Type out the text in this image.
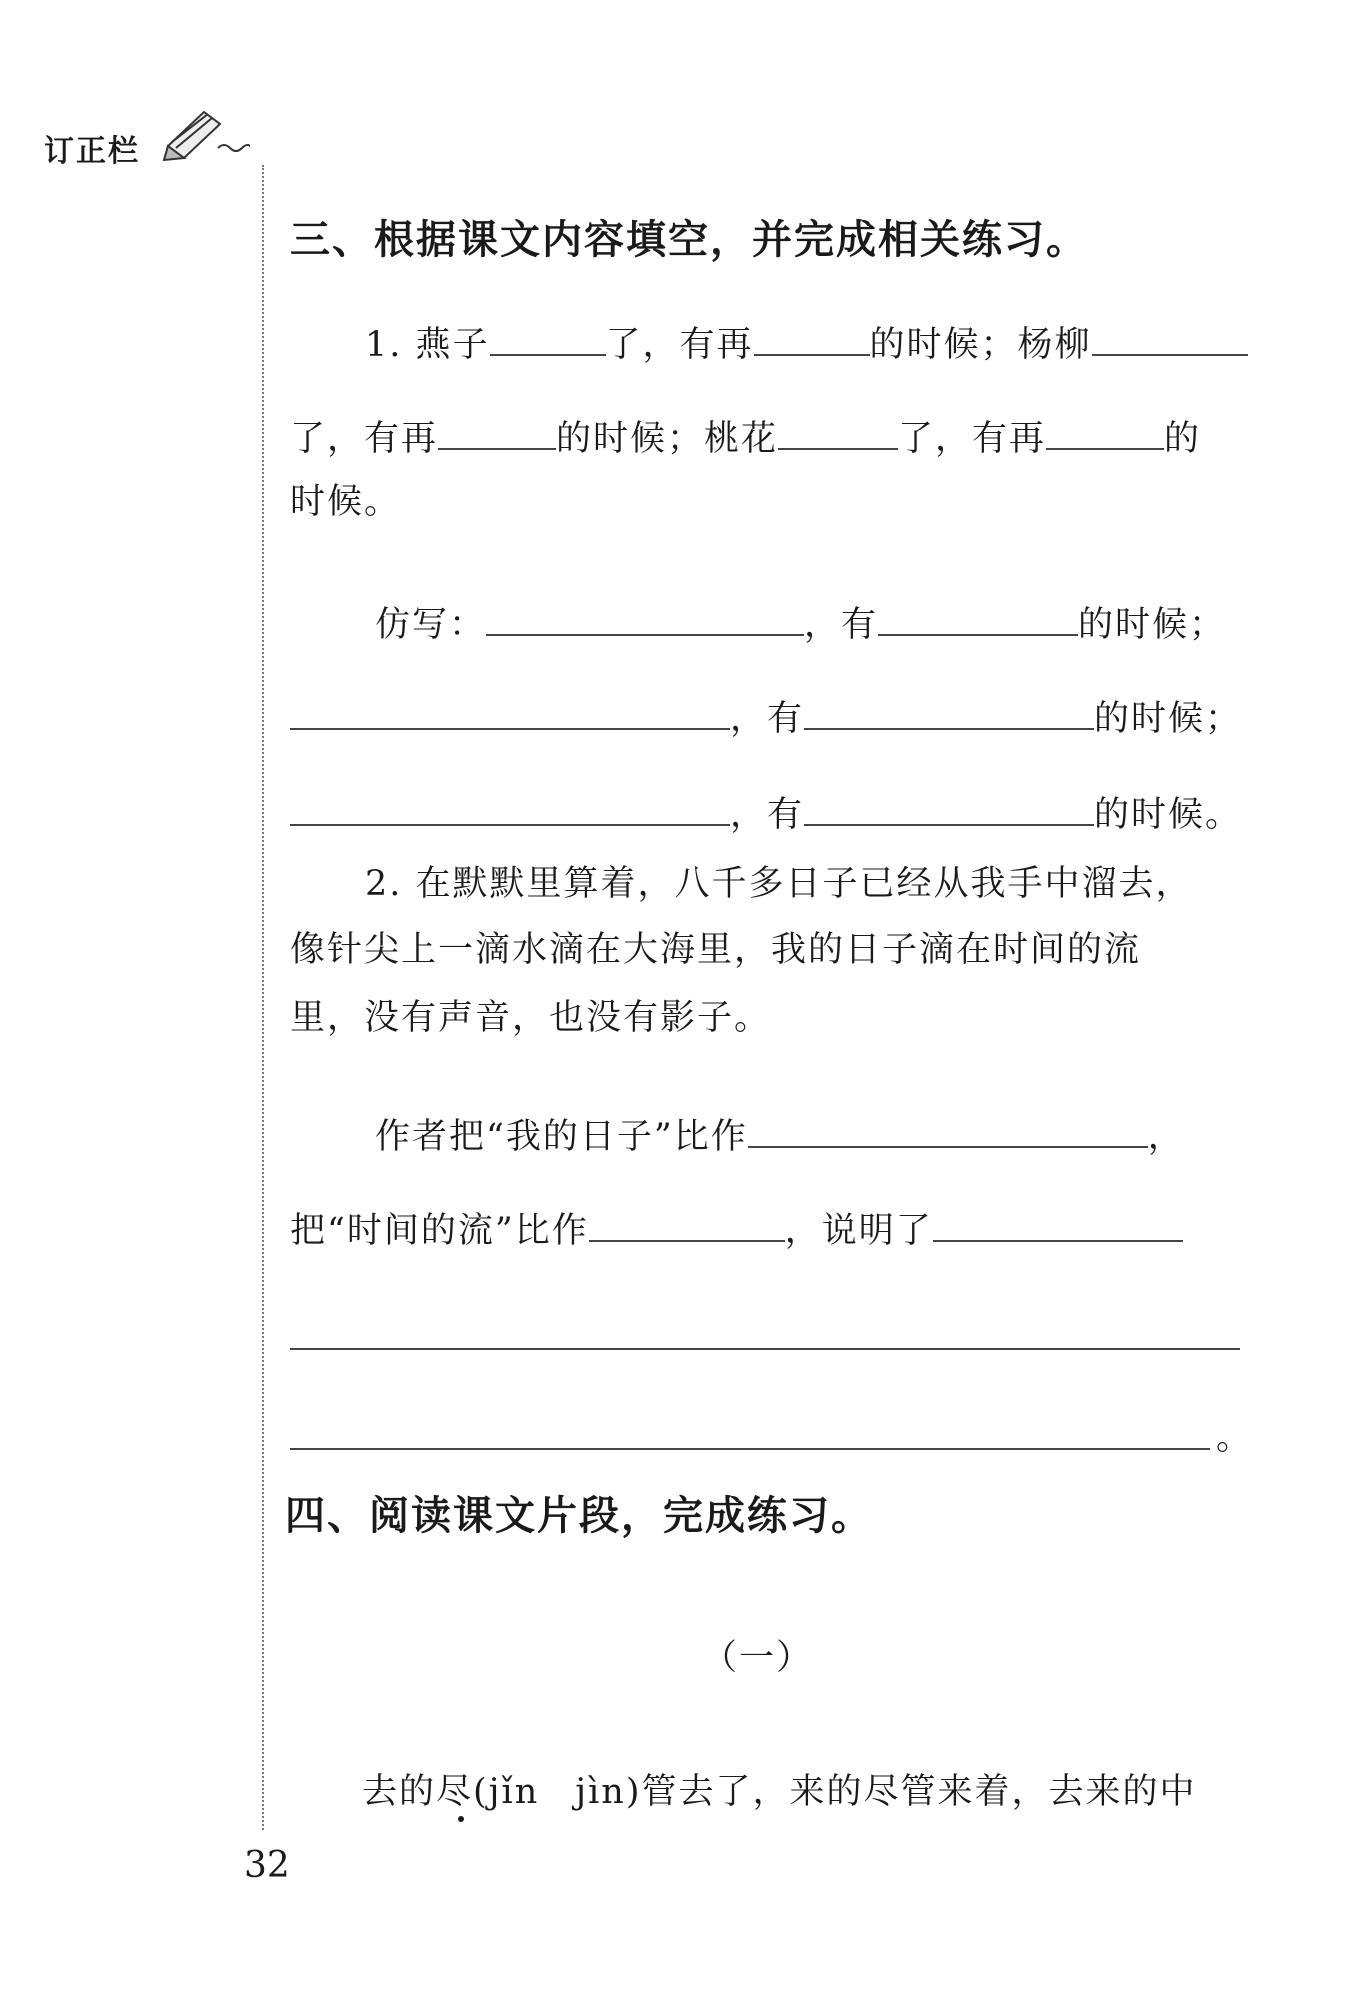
订正栏
三、根据课文内容填空，并完成相关练习。
1. 燕子	了，有再	的时候；杨柳
了，有再	的时候；桃花	了，有再	的
时候。
仿写：	，有	的时候；
，有	的时候；
，有	的时候。
2. 在默默里算着，八千多日子已经从我手中溜去，
像针尖上一滴水滴在大海里，我的日子滴在时间的流
里，没有声音，也没有影子。
作者把“我的日子”比作	，
把“时间的流”比作	，说明了
。
四、阅读课文片段，完成练习。
（一）
去的尽(jǐn jìn)管去了，来的尽管来着，去来的中
32
